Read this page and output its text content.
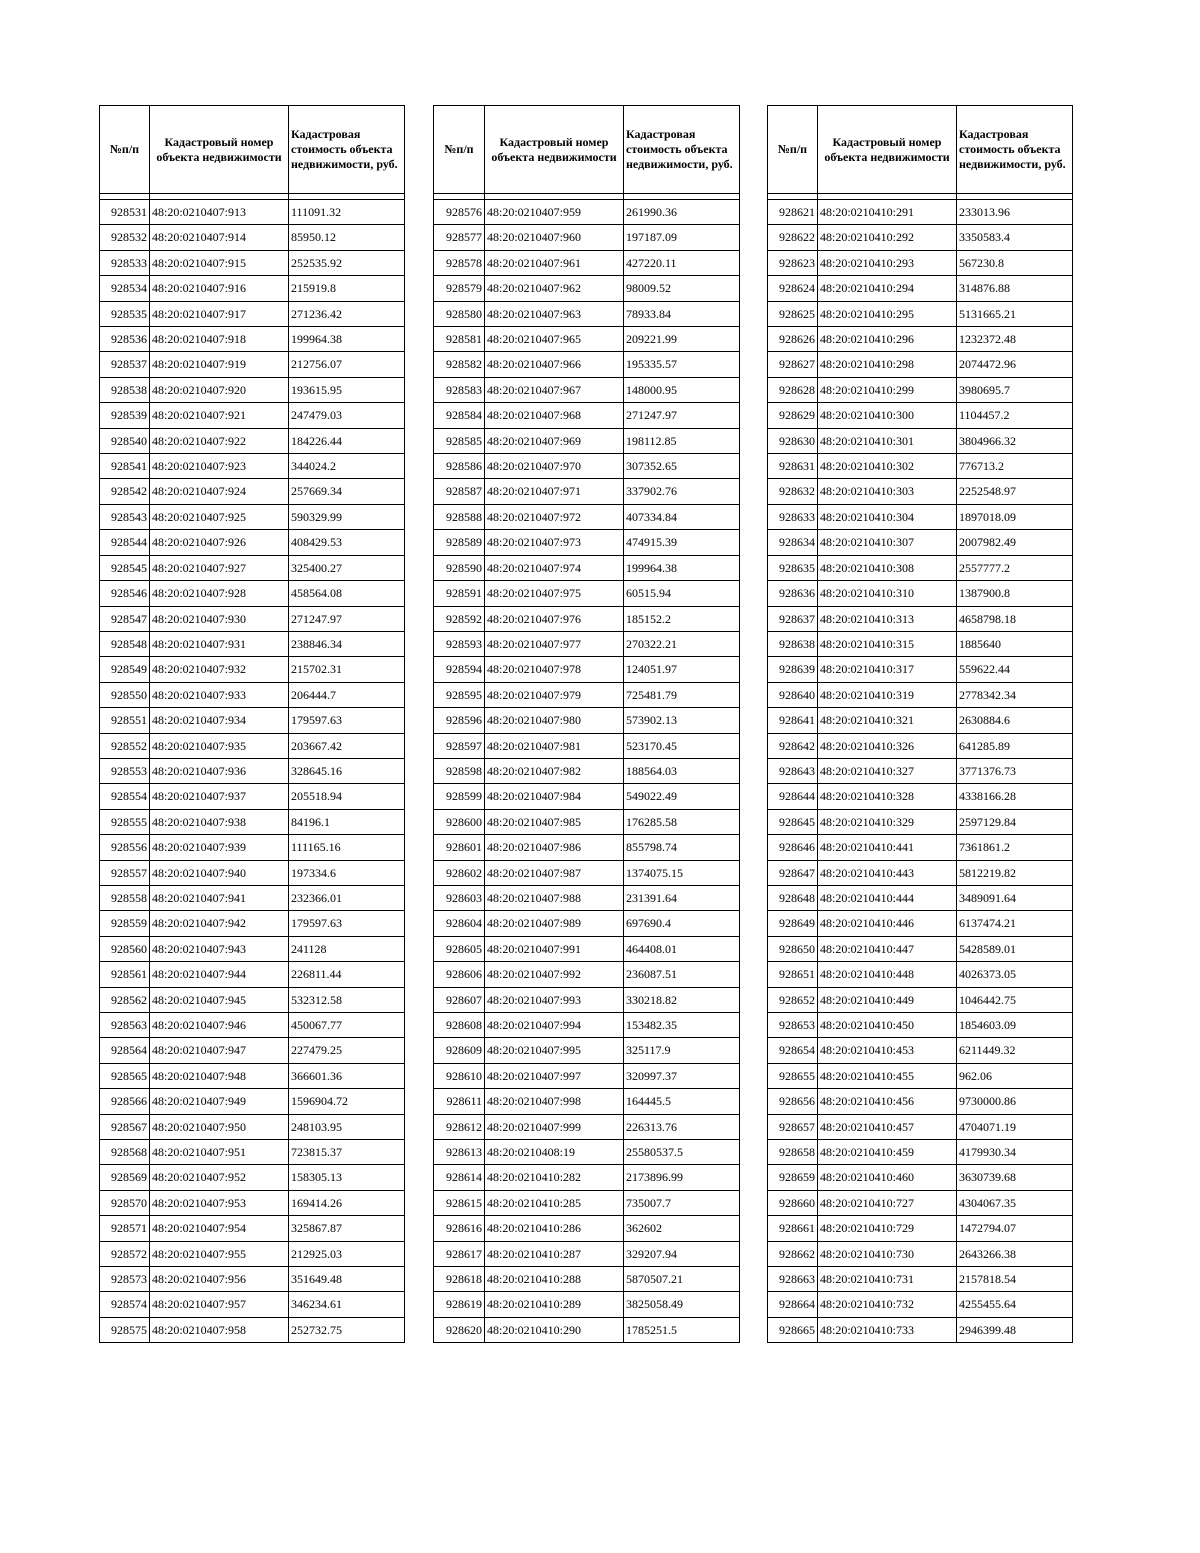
№п/п	Кадастровый номер объекта недвижимости	Кадастровая стоимость объекта недвижимости, руб.

928531	48:20:0210407:913	111091.32
928532	48:20:0210407:914	85950.12
928533	48:20:0210407:915	252535.92
928534	48:20:0210407:916	215919.8
928535	48:20:0210407:917	271236.42
928536	48:20:0210407:918	199964.38
928537	48:20:0210407:919	212756.07
928538	48:20:0210407:920	193615.95
928539	48:20:0210407:921	247479.03
928540	48:20:0210407:922	184226.44
928541	48:20:0210407:923	344024.2
928542	48:20:0210407:924	257669.34
928543	48:20:0210407:925	590329.99
928544	48:20:0210407:926	408429.53
928545	48:20:0210407:927	325400.27
928546	48:20:0210407:928	458564.08
928547	48:20:0210407:930	271247.97
928548	48:20:0210407:931	238846.34
928549	48:20:0210407:932	215702.31
928550	48:20:0210407:933	206444.7
928551	48:20:0210407:934	179597.63
928552	48:20:0210407:935	203667.42
928553	48:20:0210407:936	328645.16
928554	48:20:0210407:937	205518.94
928555	48:20:0210407:938	84196.1
928556	48:20:0210407:939	111165.16
928557	48:20:0210407:940	197334.6
928558	48:20:0210407:941	232366.01
928559	48:20:0210407:942	179597.63
928560	48:20:0210407:943	241128
928561	48:20:0210407:944	226811.44
928562	48:20:0210407:945	532312.58
928563	48:20:0210407:946	450067.77
928564	48:20:0210407:947	227479.25
928565	48:20:0210407:948	366601.36
928566	48:20:0210407:949	1596904.72
928567	48:20:0210407:950	248103.95
928568	48:20:0210407:951	723815.37
928569	48:20:0210407:952	158305.13
928570	48:20:0210407:953	169414.26
928571	48:20:0210407:954	325867.87
928572	48:20:0210407:955	212925.03
928573	48:20:0210407:956	351649.48
928574	48:20:0210407:957	346234.61
928575	48:20:0210407:958	252732.75
№п/п	Кадастровый номер объекта недвижимости	Кадастровая стоимость объекта недвижимости, руб.

928576	48:20:0210407:959	261990.36
928577	48:20:0210407:960	197187.09
928578	48:20:0210407:961	427220.11
928579	48:20:0210407:962	98009.52
928580	48:20:0210407:963	78933.84
928581	48:20:0210407:965	209221.99
928582	48:20:0210407:966	195335.57
928583	48:20:0210407:967	148000.95
928584	48:20:0210407:968	271247.97
928585	48:20:0210407:969	198112.85
928586	48:20:0210407:970	307352.65
928587	48:20:0210407:971	337902.76
928588	48:20:0210407:972	407334.84
928589	48:20:0210407:973	474915.39
928590	48:20:0210407:974	199964.38
928591	48:20:0210407:975	60515.94
928592	48:20:0210407:976	185152.2
928593	48:20:0210407:977	270322.21
928594	48:20:0210407:978	124051.97
928595	48:20:0210407:979	725481.79
928596	48:20:0210407:980	573902.13
928597	48:20:0210407:981	523170.45
928598	48:20:0210407:982	188564.03
928599	48:20:0210407:984	549022.49
928600	48:20:0210407:985	176285.58
928601	48:20:0210407:986	855798.74
928602	48:20:0210407:987	1374075.15
928603	48:20:0210407:988	231391.64
928604	48:20:0210407:989	697690.4
928605	48:20:0210407:991	464408.01
928606	48:20:0210407:992	236087.51
928607	48:20:0210407:993	330218.82
928608	48:20:0210407:994	153482.35
928609	48:20:0210407:995	325117.9
928610	48:20:0210407:997	320997.37
928611	48:20:0210407:998	164445.5
928612	48:20:0210407:999	226313.76
928613	48:20:0210408:19	25580537.5
928614	48:20:0210410:282	2173896.99
928615	48:20:0210410:285	735007.7
928616	48:20:0210410:286	362602
928617	48:20:0210410:287	329207.94
928618	48:20:0210410:288	5870507.21
928619	48:20:0210410:289	3825058.49
928620	48:20:0210410:290	1785251.5
№п/п	Кадастровый номер объекта недвижимости	Кадастровая стоимость объекта недвижимости, руб.

928621	48:20:0210410:291	233013.96
928622	48:20:0210410:292	3350583.4
928623	48:20:0210410:293	567230.8
928624	48:20:0210410:294	314876.88
928625	48:20:0210410:295	5131665.21
928626	48:20:0210410:296	1232372.48
928627	48:20:0210410:298	2074472.96
928628	48:20:0210410:299	3980695.7
928629	48:20:0210410:300	1104457.2
928630	48:20:0210410:301	3804966.32
928631	48:20:0210410:302	776713.2
928632	48:20:0210410:303	2252548.97
928633	48:20:0210410:304	1897018.09
928634	48:20:0210410:307	2007982.49
928635	48:20:0210410:308	2557777.2
928636	48:20:0210410:310	1387900.8
928637	48:20:0210410:313	4658798.18
928638	48:20:0210410:315	1885640
928639	48:20:0210410:317	559622.44
928640	48:20:0210410:319	2778342.34
928641	48:20:0210410:321	2630884.6
928642	48:20:0210410:326	641285.89
928643	48:20:0210410:327	3771376.73
928644	48:20:0210410:328	4338166.28
928645	48:20:0210410:329	2597129.84
928646	48:20:0210410:441	7361861.2
928647	48:20:0210410:443	5812219.82
928648	48:20:0210410:444	3489091.64
928649	48:20:0210410:446	6137474.21
928650	48:20:0210410:447	5428589.01
928651	48:20:0210410:448	4026373.05
928652	48:20:0210410:449	1046442.75
928653	48:20:0210410:450	1854603.09
928654	48:20:0210410:453	6211449.32
928655	48:20:0210410:455	962.06
928656	48:20:0210410:456	9730000.86
928657	48:20:0210410:457	4704071.19
928658	48:20:0210410:459	4179930.34
928659	48:20:0210410:460	3630739.68
928660	48:20:0210410:727	4304067.35
928661	48:20:0210410:729	1472794.07
928662	48:20:0210410:730	2643266.38
928663	48:20:0210410:731	2157818.54
928664	48:20:0210410:732	4255455.64
928665	48:20:0210410:733	2946399.48
